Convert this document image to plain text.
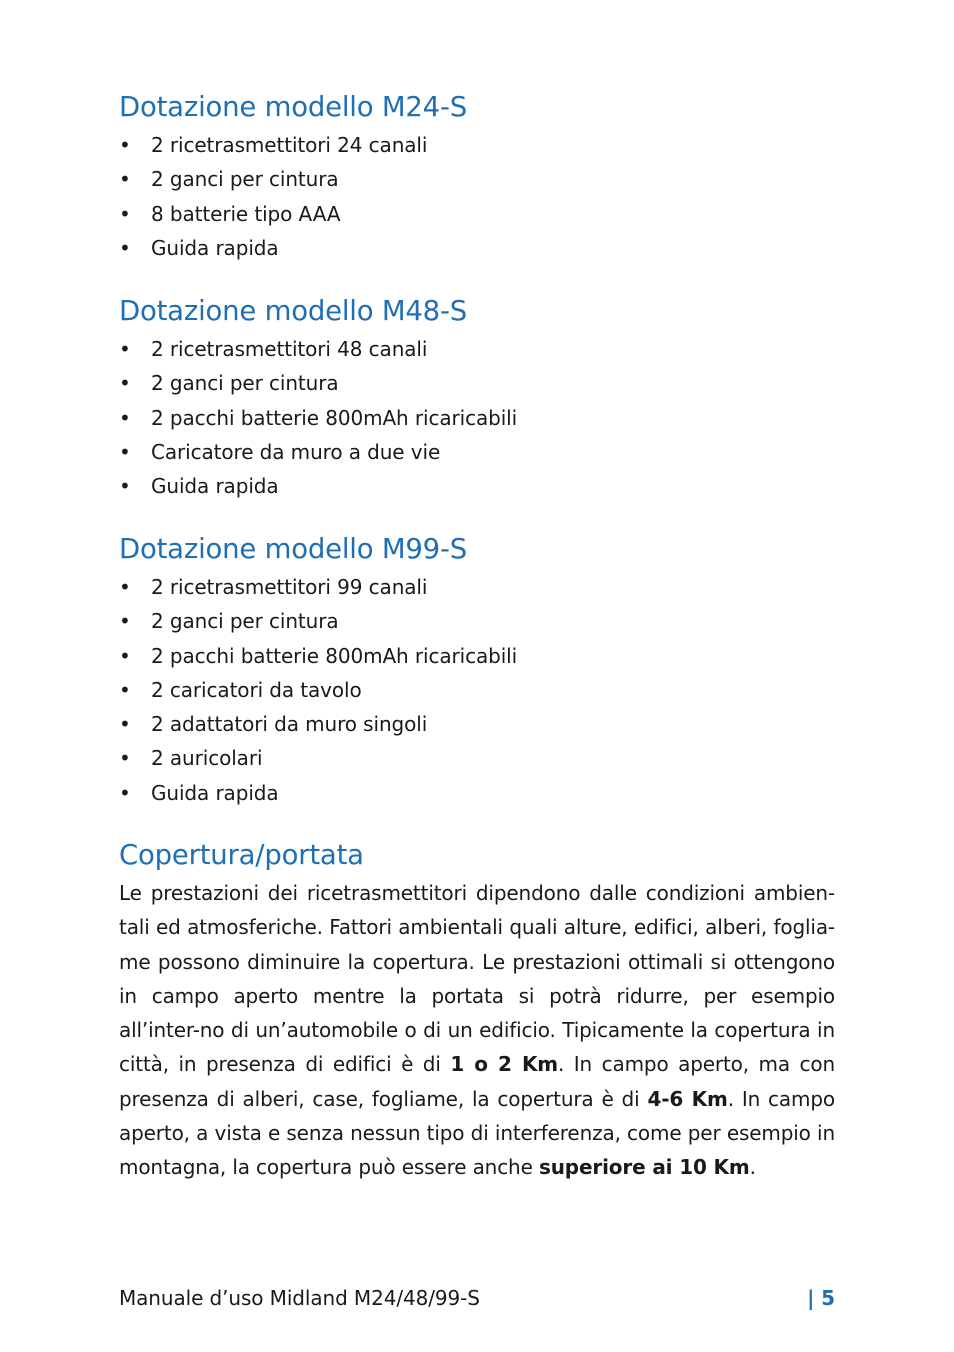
Dotazione modello M24-S
• 2 ricetrasmettitori 24 canali
• 2 ganci per cintura
• 8 batterie tipo AAA
• Guida rapida
Dotazione modello M48-S
• 2 ricetrasmettitori 48 canali
• 2 ganci per cintura
• 2 pacchi batterie 800mAh ricaricabili
• Caricatore da muro a due vie
• Guida rapida
Dotazione modello M99-S
• 2 ricetrasmettitori 99 canali
• 2 ganci per cintura
• 2 pacchi batterie 800mAh ricaricabili
• 2 caricatori da tavolo
• 2 adattatori da muro singoli
• 2 auricolari
• Guida rapida
Copertura/portata

Le prestazioni dei ricetrasmettitori dipendono dalle condizioni ambien-tali ed atmosferiche. Fattori ambientali quali alture, edifici, alberi, foglia-me possono diminuire la copertura. Le prestazioni ottimali si ottengono in campo aperto mentre la portata si potrà ridurre, per esempio all’inter-no di un’automobile o di un edificio. Tipicamente la copertura in città, in presenza di edifici è di 1 o 2 Km. In campo aperto, ma con presenza di alberi, case, fogliame, la copertura è di 4-6 Km. In campo aperto, a vista e senza nessun tipo di interferenza, come per esempio in montagna, la copertura può essere anche superiore ai 10 Km.

Manuale d’uso Midland M24/48/99-S	| 5
